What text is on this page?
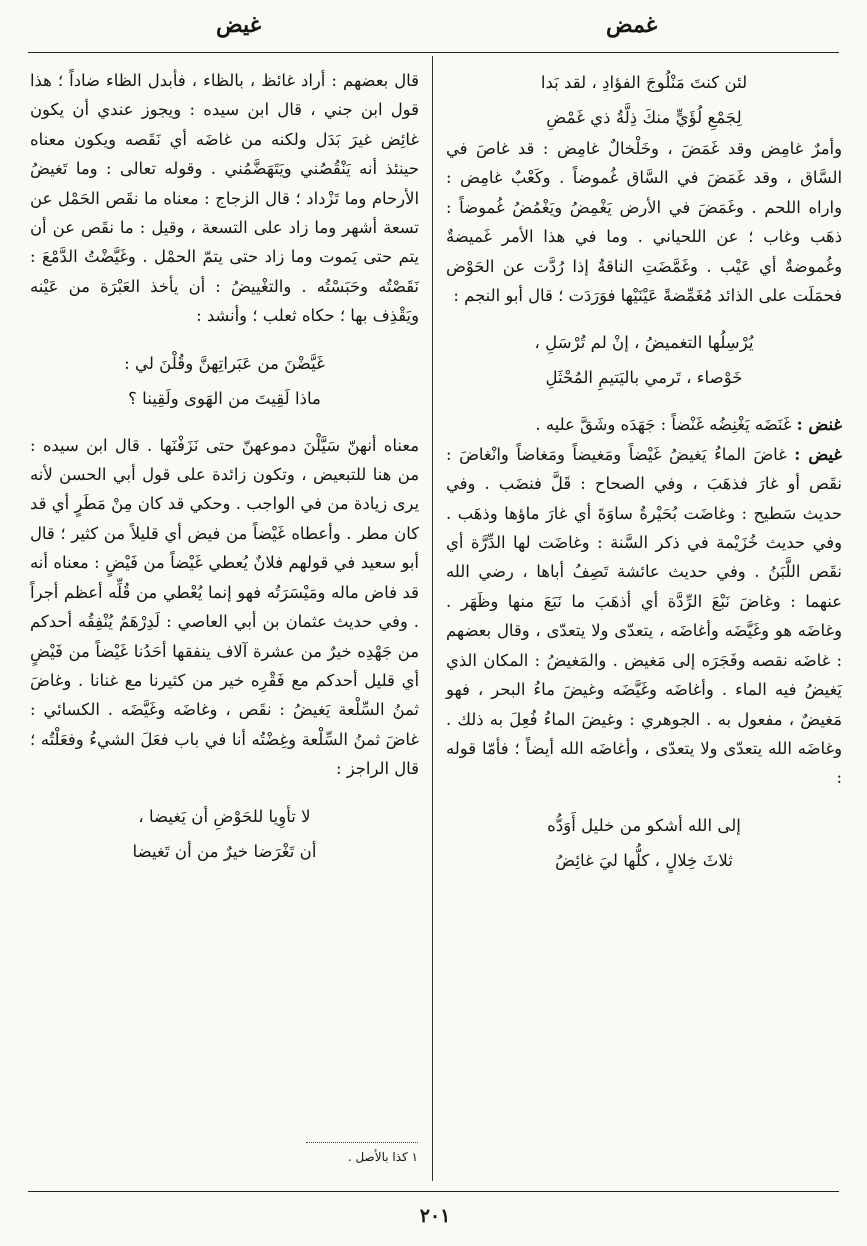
غمض
غيض

لئن كنتَ مَنْلُوجَ الفؤادِ ، لقد بَدا

لِجَمْعِ لُؤَيٍّ منكَ ذِلَّةُ ذي غَمْضِ

وأمرٌ غامِض وقد غَمَضَ ، وخَلْخالٌ غامِض : قد غاصَ في السَّاق ، وقد غَمَضَ في السَّاق غُموضاً . وكَعْبٌ غامِض : واراه اللحم . وغَمَضَ في الأرض يَغْمِضُ ويَغْمُضُ غُموضاً : ذهَب وغاب ؛ عن اللحياني . وما في هذا الأمر غَميضةٌ وغُموضةٌ أي عَيْب . وغَمَّضَتِ الناقةُ إذا رُدَّت عن الحَوْض فحمَلَت على الذائد مُغَمِّضةً عَيْنَيْها فوَرَدَت ؛ قال أبو النجم :

يُرْسِلُها التغميضُ ، إنْ لم تُرْسَلِ ،

خَوْصاء ، تَرمي باليَتيمِ المُحْثَلِ

غنض : غَنَضَه يَغْنِضُه غَنْضاً : جَهَدَه وشَقَّ عليه .

غيض : غاضَ الماءُ يَغيضُ غَيْضاً ومَغيضاً ومَغاضاً وانْغاضَ : نقَص أو غارَ فذهَبَ ، وفي الصحاح : قَلَّ فنضَب . وفي حديث سَطيح : وغاضَت بُحَيْرةُ ساوَةَ أي غارَ ماؤها وذهَب . وفي حديث خُزَيْمة في ذكر السَّنة : وغاضَت لها الدِّرَّة أي نقَص اللَّبَنُ . وفي حديث عائشة تَصِفُ أباها ، رضي الله عنهما : وغاضَ نَبْعَ الرِّدَّة أي أذهَبَ ما نَبَعَ منها وظَهَر . وغاضَه هو وغَيَّضَه وأغاضَه ، يتعدّى ولا يتعدّى ، وقال بعضهم : غاضَه نقصه وفَجَرَه إلى مَغيض . والمَغيضُ : المكان الذي يَغيضُ فيه الماء . وأغاضَه وغَيَّضَه وغيضَ ماءُ البحر ، فهو مَغيضٌ ، مفعول به . الجوهري : وغيضَ الماءُ فُعِلَ به ذلك . وغاضَه الله يتعدّى ولا يتعدّى ، وأغاضَه الله أيضاً ؛ فأمّا قوله :

إلى الله أشكو من خليل أَوَدُّه

ثلاثَ خِلالٍ ، كلُّها ليَ غائِضُ

قال بعضهم : أراد غائظ ، بالظاء ، فأبدل الظاء ضاداً ؛ هذا قول ابن جني ، قال ابن سيده : ويجوز عندي أن يكون غائِض غيرَ بَدَل ولكنه من غاضَه أي نَقَصه ويكون معناه حينئذ أنه يَنْقُصُني ويَتَهَضَّمُني . وقوله تعالى : وما تَغيضُ الأرحام وما تَزْداد ؛ قال الزجاج : معناه ما نقَص الحَمْل عن تسعة أشهر وما زاد على التسعة ، وقيل : ما نقَص عن أن يتم حتى يَموت وما زاد حتى يتمّ الحمْل . وغَيَّضْتُ الدَّمْعَ : نَقَصْتُه وحَبَسْتُه . والتغْييضُ : أن يأخذ العَبْرَة من عَيْنه ويَقْذِف بها ؛ حكاه ثعلب ؛ وأنشد :

غَيَّضْنَ من عَبَراتِهنَّ وقُلْنَ لي :

ماذا لَقِيتَ من الهَوى ولَقِينا ؟

معناه أنهنّ سَيَّلْنَ دموعهنّ حتى نَزَفْنَها . قال ابن سيده : من هنا للتبعيض ، وتكون زائدة على قول أبي الحسن لأنه يرى زيادة من في الواجب . وحكي قد كان مِنْ مَطَرٍ أي قد كان مطر . وأعطاه غَيْضاً من فيض أي قليلاً من كثير ؛ قال أبو سعيد في قولهم فلانٌ يُعطي غَيْضاً من فَيْضٍ : معناه أنه قد فاض ماله ومَيْسَرَتُه فهو إنما يُعْطي من قُلِّه أعظم أجراً . وفي حديث عثمان بن أبي العاصي : لَدِرْهَمٌ يُنْفِقُه أحدكم من جَهْدِه خيرٌ من عشرة آلاف ينفقها أحَدُنا غَيْضاً من فَيْضٍ أي قليل أحدكم مع فَقْرِه خير من كثيرنا مع غنانا . وغاضَ ثمنُ السِّلْعة يَغيضُ : نقَص ، وغاضَه وغَيَّضَه . الكسائي : غاضَ ثمنُ السِّلْعة وغِضْتُه أنا في باب فعَلَ الشيءُ وفعَلْتُه ؛ قال الراجز :

لا تأوِيا للحَوْضِ أن يَغيضا ،

أن تَغْرَضا خيرٌ من أن تَغيضا

١ كذا بالأصل .
٢٠١
